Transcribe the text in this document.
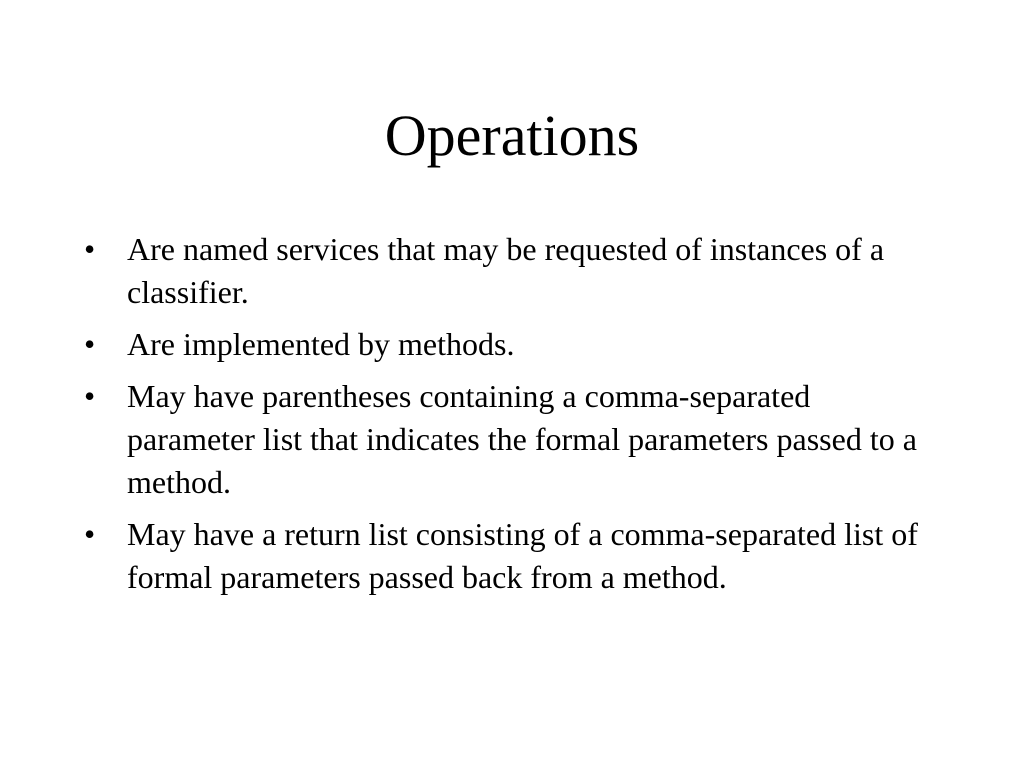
Operations
• Are named services that may be requested of instances of a classifier.
• Are implemented by methods.
• May have parentheses containing a comma-separated parameter list that indicates the formal parameters passed to a method.
• May have a return list consisting of a comma-separated list of formal parameters passed back from a method.
